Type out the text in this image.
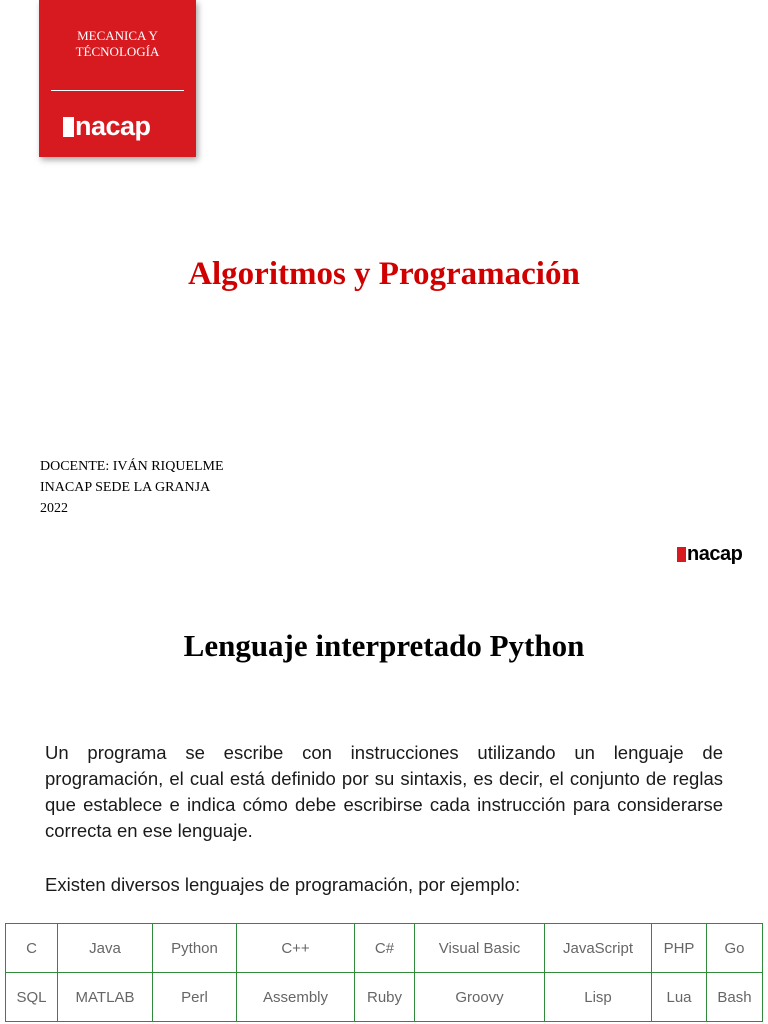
MECANICA Y
TÉCNOLOGÍA
nacap
Algoritmos y Programación
DOCENTE: IVÁN RIQUELME
INACAP SEDE LA GRANJA
2022
nacap
Lenguaje interpretado Python
Un programa se escribe con instrucciones utilizando un lenguaje de programación, el cual está definido por su sintaxis, es decir, el conjunto de reglas que establece e indica cómo debe escribirse cada instrucción para considerarse correcta en ese lenguaje.
Existen diversos lenguajes de programación, por ejemplo:
C	Java	Python	C++	C#	Visual Basic	JavaScript	PHP	Go
SQL	MATLAB	Perl	Assembly	Ruby	Groovy	Lisp	Lua	Bash
